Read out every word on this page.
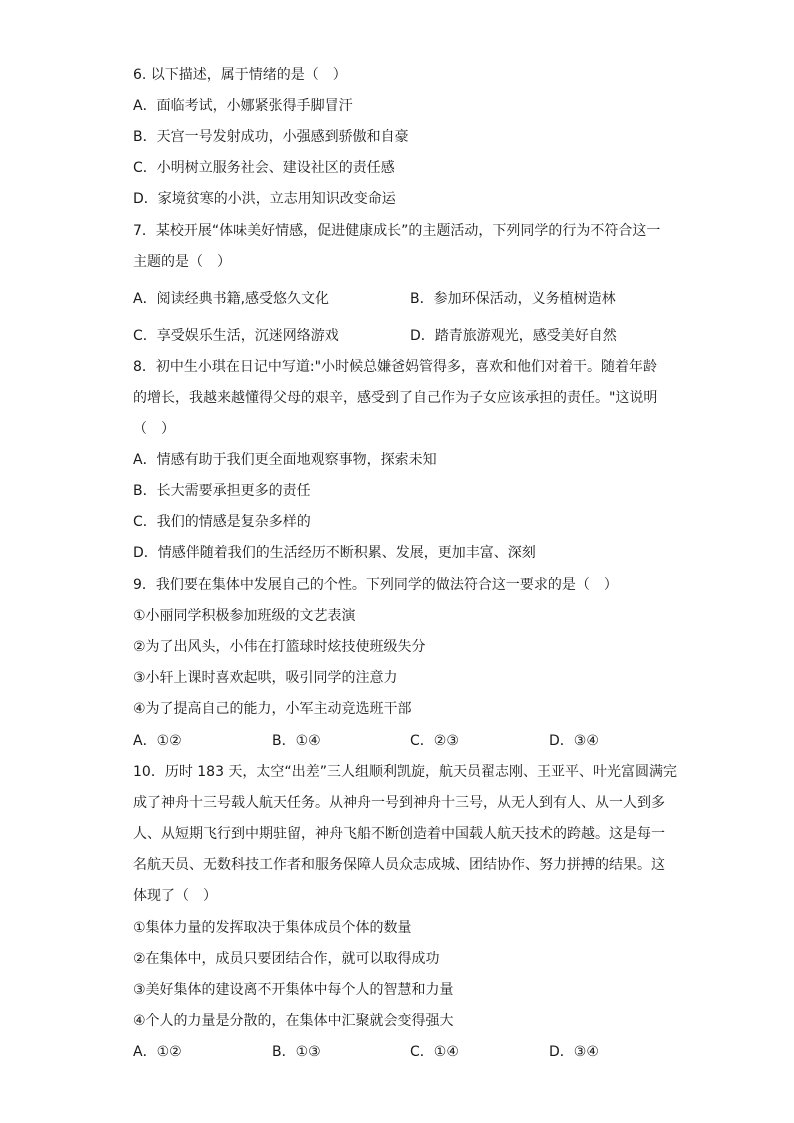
6. 以下描述，属于情绪的是（　）
A．面临考试，小娜紧张得手脚冒汗
B．天宫一号发射成功，小强感到骄傲和自豪
C．小明树立服务社会、建设社区的责任感
D．家境贫寒的小洪，立志用知识改变命运
7．某校开展“体味美好情感，促进健康成长”的主题活动，下列同学的行为不符合这一
主题的是（　）
A．阅读经典书籍,感受悠久文化	B．参加环保活动，义务植树造林
C．享受娱乐生活，沉迷网络游戏	D．踏青旅游观光，感受美好自然
8．初中生小琪在日记中写道:"小时候总嫌爸妈管得多，喜欢和他们对着干。随着年龄
的增长，我越来越懂得父母的艰辛，感受到了自己作为子女应该承担的责任。"这说明
（　）
A．情感有助于我们更全面地观察事物，探索未知
B．长大需要承担更多的责任
C．我们的情感是复杂多样的
D．情感伴随着我们的生活经历不断积累、发展，更加丰富、深刻
9．我们要在集体中发展自己的个性。下列同学的做法符合这一要求的是（　）
①小丽同学积极参加班级的文艺表演
②为了出风头，小伟在打篮球时炫技使班级失分
③小轩上课时喜欢起哄，吸引同学的注意力
④为了提高自己的能力，小军主动竞选班干部
A．①②	B．①④	C．②③	D．③④
10．历时 183 天，太空“出差”三人组顺利凯旋，航天员翟志刚、王亚平、叶光富圆满完
成了神舟十三号载人航天任务。从神舟一号到神舟十三号，从无人到有人、从一人到多
人、从短期飞行到中期驻留，神舟飞船不断创造着中国载人航天技术的跨越。这是每一
名航天员、无数科技工作者和服务保障人员众志成城、团结协作、努力拼搏的结果。这
体现了（　）
①集体力量的发挥取决于集体成员个体的数量
②在集体中，成员只要团结合作，就可以取得成功
③美好集体的建设离不开集体中每个人的智慧和力量
④个人的力量是分散的，在集体中汇聚就会变得强大
A．①②	B．①③	C．①④	D．③④
